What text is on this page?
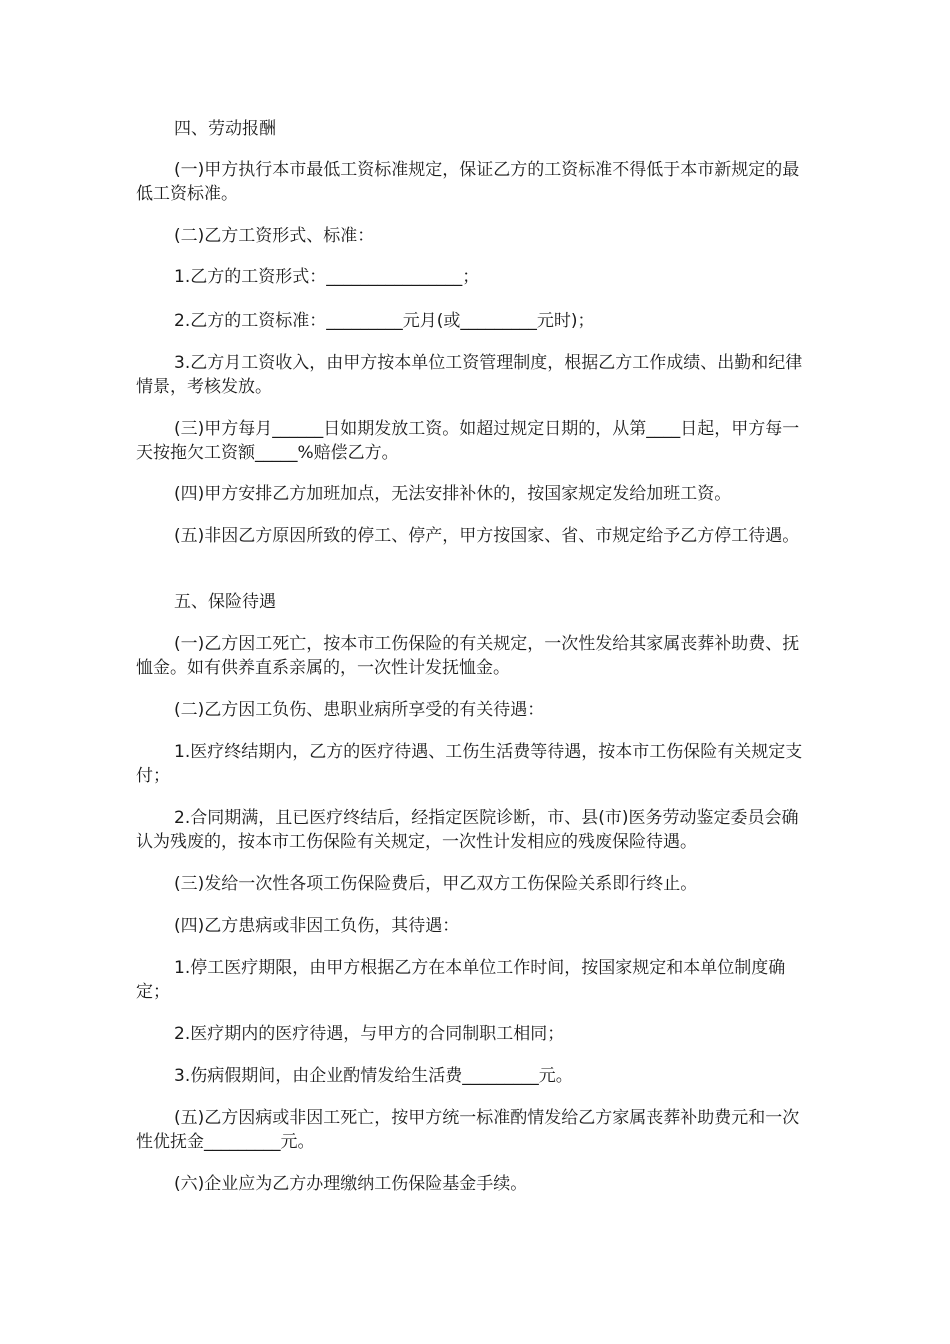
四、劳动报酬

(一)甲方执行本市最低工资标准规定，保证乙方的工资标准不得低于本市新规定的最低工资标准。

(二)乙方工资形式、标准：

1.乙方的工资形式：________________；

2.乙方的工资标准：_________元月(或_________元时)；

3.乙方月工资收入，由甲方按本单位工资管理制度，根据乙方工作成绩、出勤和纪律情景，考核发放。

(三)甲方每月______日如期发放工资。如超过规定日期的，从第____日起，甲方每一天按拖欠工资额_____%赔偿乙方。

(四)甲方安排乙方加班加点，无法安排补休的，按国家规定发给加班工资。

(五)非因乙方原因所致的停工、停产，甲方按国家、省、市规定给予乙方停工待遇。

五、保险待遇

(一)乙方因工死亡，按本市工伤保险的有关规定，一次性发给其家属丧葬补助费、抚恤金。如有供养直系亲属的，一次性计发抚恤金。

(二)乙方因工负伤、患职业病所享受的有关待遇：

1.医疗终结期内，乙方的医疗待遇、工伤生活费等待遇，按本市工伤保险有关规定支付；

2.合同期满，且已医疗终结后，经指定医院诊断，市、县(市)医务劳动鉴定委员会确认为残废的，按本市工伤保险有关规定，一次性计发相应的残废保险待遇。

(三)发给一次性各项工伤保险费后，甲乙双方工伤保险关系即行终止。

(四)乙方患病或非因工负伤，其待遇：

1.停工医疗期限，由甲方根据乙方在本单位工作时间，按国家规定和本单位制度确定；

2.医疗期内的医疗待遇，与甲方的合同制职工相同；

3.伤病假期间，由企业酌情发给生活费_________元。

(五)乙方因病或非因工死亡，按甲方统一标准酌情发给乙方家属丧葬补助费元和一次性优抚金_________元。

(六)企业应为乙方办理缴纳工伤保险基金手续。
